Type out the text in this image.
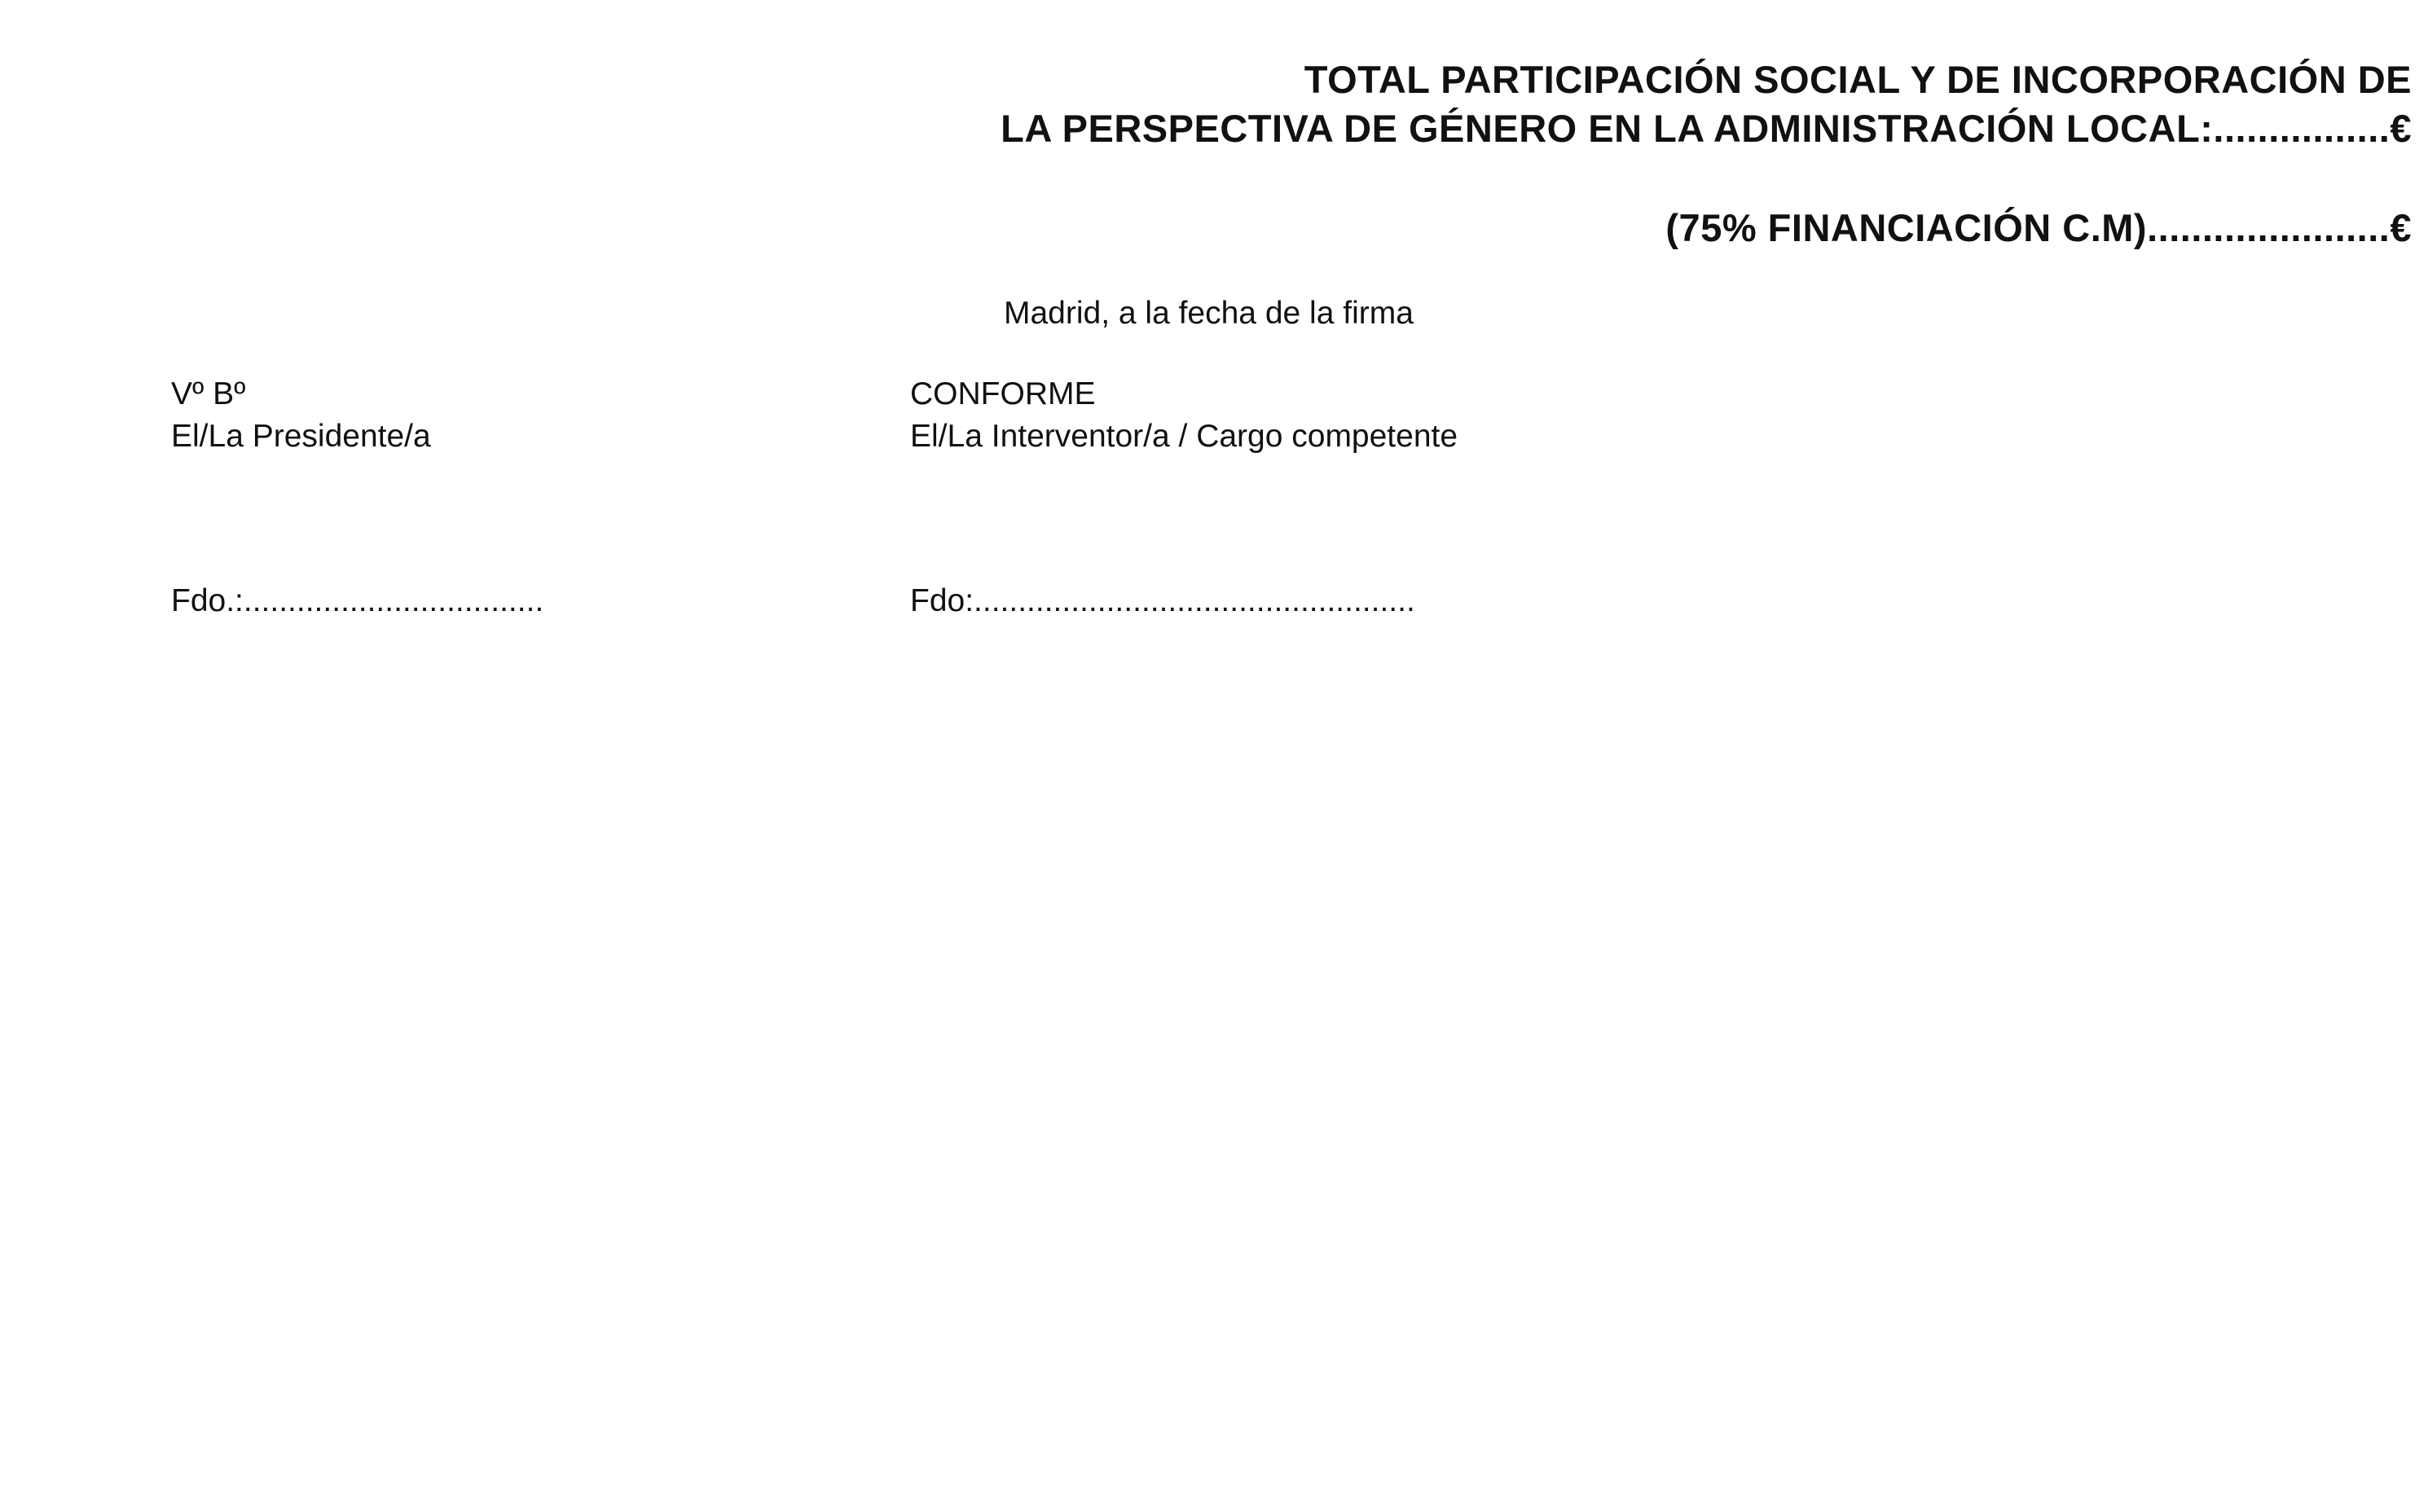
TOTAL PARTICIPACIÓN SOCIAL Y DE INCORPORACIÓN DE
LA PERSPECTIVA DE GÉNERO EN LA ADMINISTRACIÓN LOCAL:................€
(75% FINANCIACIÓN C.M)......................€
Madrid, a la fecha de la firma
Vº Bº
El/La Presidente/a
CONFORME
El/La Interventor/a / Cargo competente
Fdo.:..................................	Fdo:..................................................
